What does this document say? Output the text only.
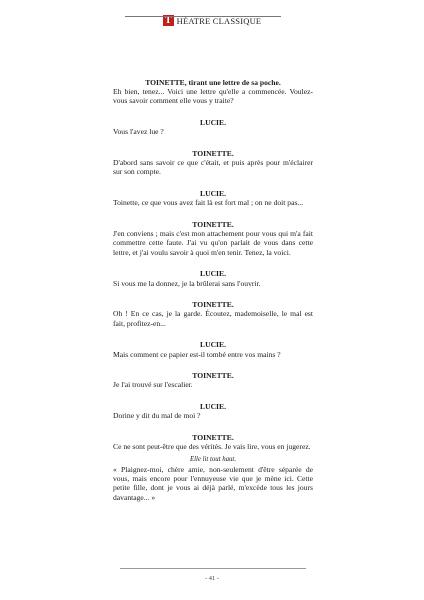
T HÉATRE CLASSIQUE
TOINETTE, tirant une lettre de sa poche.
Eh bien, tenez... Voici une lettre qu'elle a commencée. Voulez-vous savoir comment elle vous y traite?
LUCIE.
Vous l'avez lue ?
TOINETTE.
D'abord sans savoir ce que c'était, et puis après pour m'éclairer sur son compte.
LUCIE.
Toinette, ce que vous avez fait là est fort mal ; on ne doit pas...
TOINETTE.
J'en conviens ; mais c'est mon attachement pour vous qui m'a fait commettre cette faute. J'ai vu qu'on parlait de vous dans cette lettre, et j'ai voulu savoir à quoi m'en tenir. Tenez, la voici.
LUCIE.
Si vous me la donnez, je la brûlerai sans l'ouvrir.
TOINETTE.
Oh ! En ce cas, je la garde. Écoutez, mademoiselle, le mal est fait, profitez-en...
LUCIE.
Mais comment ce papier est-il tombé entre vos mains ?
TOINETTE.
Je l'ai trouvé sur l'escalier.
LUCIE.
Dorine y dit du mal de moi ?
TOINETTE.
Ce ne sont peut-être que des vérités. Je vais lire, vous en jugerez.
Elle lit tout haut.
« Plaignez-moi, chère amie, non-seulement d'être séparée de vous, mais encore pour l'ennuyeuse vie que je mène ici. Cette petite fille, dont je vous ai déjà parlé, m'excède tous les jours davantage... »
- 41 -
